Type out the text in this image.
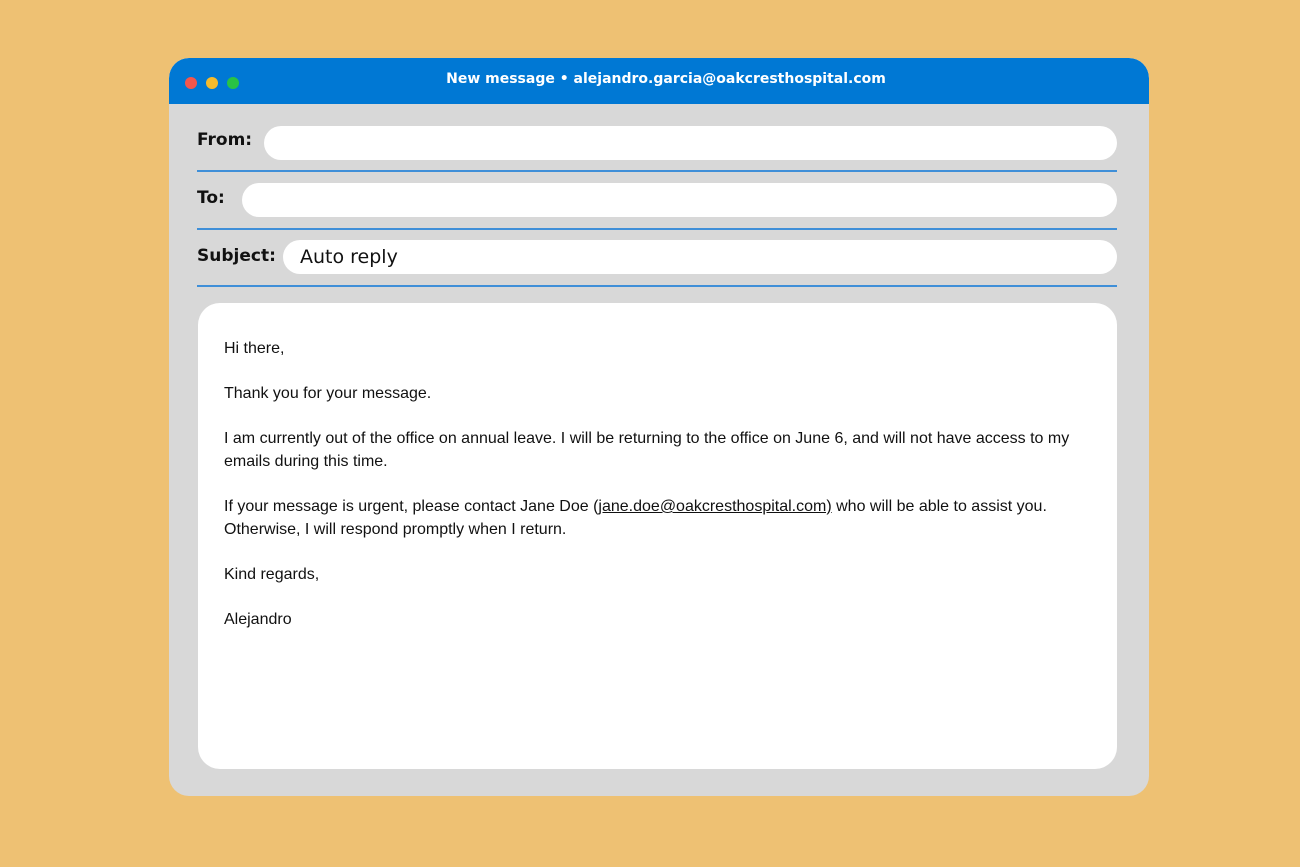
New message • alejandro.garcia@oakcresthospital.com
From:
To:
Subject:	Auto reply

Hi there,

Thank you for your message.

I am currently out of the office on annual leave. I will be returning to the office on June 6, and will not have access to my emails during this time.

If your message is urgent, please contact Jane Doe (jane.doe@oakcresthospital.com) who will be able to assist you. Otherwise, I will respond promptly when I return.

Kind regards,

Alejandro
